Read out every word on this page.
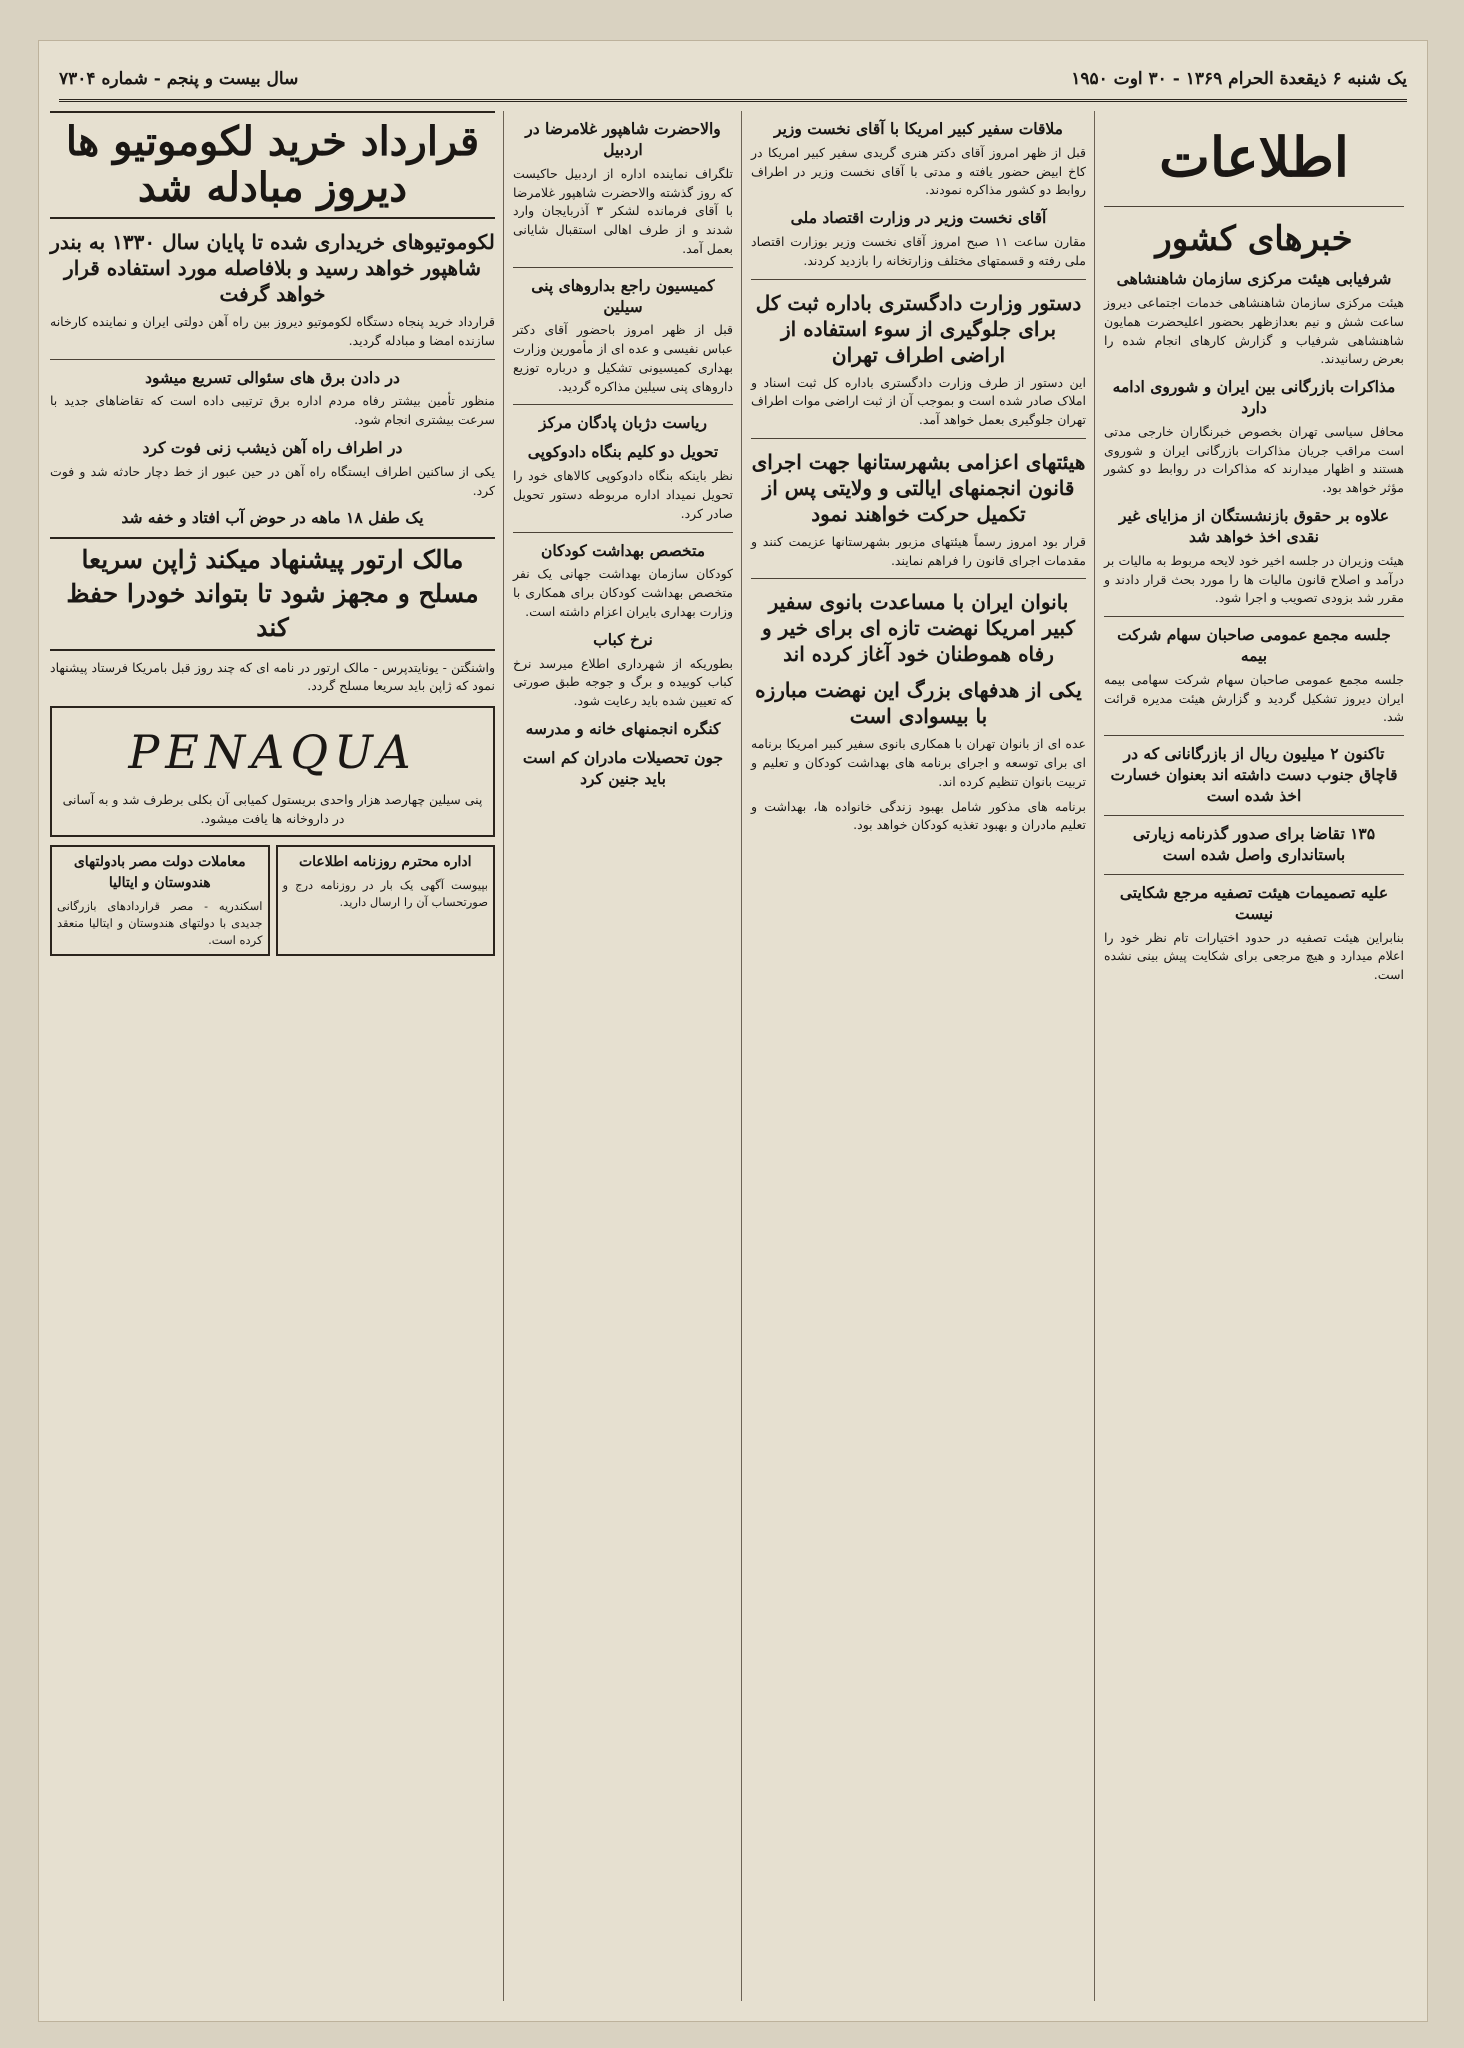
یک شنبه ۶ ذیقعدة الحرام ۱۳۶۹ - ۳۰ اوت ۱۹۵۰
سال بیست و پنجم - شماره ۷۳۰۴
اطلاعات
خبرهای کشور
شرفیابی هیئت مرکزی سازمان شاهنشاهی

هیئت مرکزی سازمان شاهنشاهی خدمات اجتماعی دیروز ساعت شش و نیم بعدازظهر بحضور اعلیحضرت همایون شاهنشاهی شرفیاب و گزارش کارهای انجام شده را بعرض رسانیدند.

مذاکرات بازرگانی بین ایران و شوروی ادامه دارد

محافل سیاسی تهران بخصوص خبرنگاران خارجی مدتی است مراقب جریان مذاکرات بازرگانی ایران و شوروی هستند و اظهار میدارند که مذاکرات در روابط دو کشور مؤثر خواهد بود.

علاوه بر حقوق بازنشستگان از مزایای غیر نقدی اخذ خواهد شد

هیئت وزیران در جلسه اخیر خود لایحه مربوط به مالیات بر درآمد و اصلاح قانون مالیات ها را مورد بحث قرار دادند و مقرر شد بزودی تصویب و اجرا شود.

جلسه مجمع عمومی صاحبان سهام شرکت بیمه

جلسه مجمع عمومی صاحبان سهام شرکت سهامی بیمه ایران دیروز تشکیل گردید و گزارش هیئت مدیره قرائت شد.

تاکنون ۲ میلیون ریال از بازرگانانی که در قاچاق جنوب دست داشته اند بعنوان خسارت اخذ شده است
۱۳۵ تقاضا برای صدور گذرنامه زیارتی باستانداری واصل شده است
علیه تصمیمات هیئت تصفیه مرجع شکایتی نیست

بنابراین هیئت تصفیه در حدود اختیارات تام نظر خود را اعلام میدارد و هیچ مرجعی برای شکایت پیش بینی نشده است.

ملاقات سفیر کبیر امریکا با آقای نخست وزیر

قبل از ظهر امروز آقای دکتر هنری گریدی سفیر کبیر امریکا در کاخ ابیض حضور یافته و مدتی با آقای نخست وزیر در اطراف روابط دو کشور مذاکره نمودند.

آقای نخست وزیر در وزارت اقتصاد ملی

مقارن ساعت ۱۱ صبح امروز آقای نخست وزیر بوزارت اقتصاد ملی رفته و قسمتهای مختلف وزارتخانه را بازدید کردند.

دستور وزارت دادگستری باداره ثبت کل برای جلوگیری از سوء استفاده از اراضی اطراف تهران

این دستور از طرف وزارت دادگستری باداره کل ثبت اسناد و املاک صادر شده است و بموجب آن از ثبت اراضی موات اطراف تهران جلوگیری بعمل خواهد آمد.

هیئتهای اعزامی بشهرستانها جهت اجرای قانون انجمنهای ایالتی و ولایتی پس از تکمیل حرکت خواهند نمود

قرار بود امروز رسماً هیئتهای مزبور بشهرستانها عزیمت کنند و مقدمات اجرای قانون را فراهم نمایند.

بانوان ایران با مساعدت بانوی سفیر کبیر امریکا نهضت تازه ای برای خیر و رفاه هموطنان خود آغاز کرده اند
یکی از هدفهای بزرگ این نهضت مبارزه با بیسوادی است

عده ای از بانوان تهران با همکاری بانوی سفیر کبیر امریکا برنامه ای برای توسعه و اجرای برنامه های بهداشت کودکان و تعلیم و تربیت بانوان تنظیم کرده اند.

برنامه های مذکور شامل بهبود زندگی خانواده ها، بهداشت و تعلیم مادران و بهبود تغذیه کودکان خواهد بود.

والاحضرت شاهپور غلامرضا در اردبیل

تلگراف نماینده اداره از اردبیل حاکیست که روز گذشته والاحضرت شاهپور غلامرضا با آقای فرمانده لشکر ۳ آذربایجان وارد شدند و از طرف اهالی استقبال شایانی بعمل آمد.

کمیسیون راجع بداروهای پنی سیلین

قبل از ظهر امروز باحضور آقای دکتر عباس نفیسی و عده ای از مأمورین وزارت بهداری کمیسیونی تشکیل و درباره توزیع داروهای پنی سیلین مذاکره گردید.

ریاست دژبان پادگان مرکز
تحویل دو کلیم بنگاه دادوکوپی

نظر باینکه بنگاه دادوکوپی کالاهای خود را تحویل نمیداد اداره مربوطه دستور تحویل صادر کرد.

متخصص بهداشت کودکان

کودکان سازمان بهداشت جهانی یک نفر متخصص بهداشت کودکان برای همکاری با وزارت بهداری بایران اعزام داشته است.

نرخ کباب

بطوریکه از شهرداری اطلاع میرسد نرخ کباب کوبیده و برگ و جوجه طبق صورتی که تعیین شده باید رعایت شود.

کنگره انجمنهای خانه و مدرسه
جون تحصیلات مادران کم است باید جنین کرد
قرارداد خرید لکوموتیو ها دیروز مبادله شد
لکوموتیوهای خریداری شده تا پایان سال ۱۳۳۰ به بندر شاهپور خواهد رسید و بلافاصله مورد استفاده قرار خواهد گرفت

قرارداد خرید پنجاه دستگاه لکوموتیو دیروز بین راه آهن دولتی ایران و نماینده کارخانه سازنده امضا و مبادله گردید.

در دادن برق های سئوالی تسریع میشود

منظور تأمین بیشتر رفاه مردم اداره برق ترتیبی داده است که تقاضاهای جدید با سرعت بیشتری انجام شود.

در اطراف راه آهن ذیشب زنی فوت کرد

یکی از ساکنین اطراف ایستگاه راه آهن در حین عبور از خط دچار حادثه شد و فوت کرد.

یک طفل ۱۸ ماهه در حوض آب افتاد و خفه شد
مالک ارتور پیشنهاد میکند ژاپن سریعا مسلح و مجهز شود تا بتواند خودرا حفظ کند

واشنگتن - یونایتدپرس - مالک ارتور در نامه ای که چند روز قبل بامریکا فرستاد پیشنهاد نمود که ژاپن باید سریعا مسلح گردد.

PENAQUA
پنی سیلین چهارصد هزار واحدی بریستول کمیابی آن بکلی برطرف شد و به آسانی در داروخانه ها یافت میشود.
اداره محترم روزنامه اطلاعات
بپیوست آگهی یک بار در روزنامه درج و صورتحساب آن را ارسال دارید.
معاملات دولت مصر بادولتهای هندوستان و ایتالیا
اسکندریه - مصر قراردادهای بازرگانی جدیدی با دولتهای هندوستان و ایتالیا منعقد کرده است.
